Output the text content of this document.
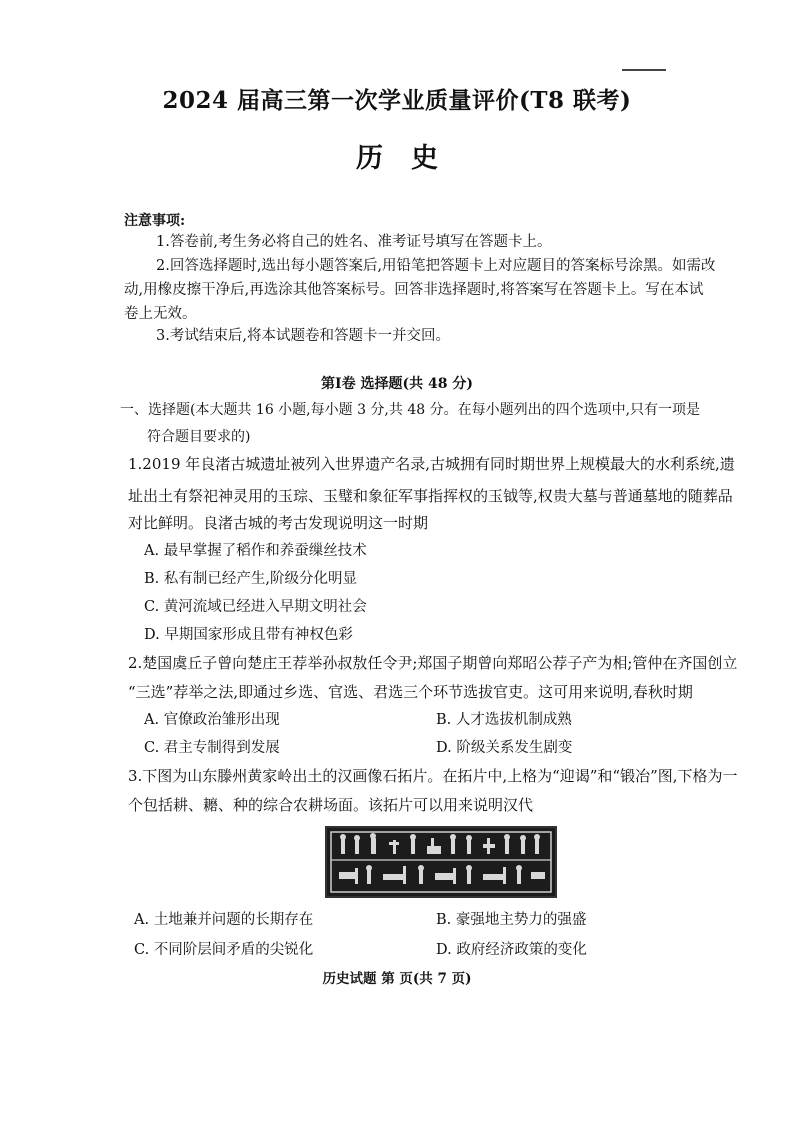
2024 届高三第一次学业质量评价(T8 联考)
历史
注意事项:
1.答卷前,考生务必将自己的姓名、准考证号填写在答题卡上。
2.回答选择题时,选出每小题答案后,用铅笔把答题卡上对应题目的答案标号涂黑。如需改
动,用橡皮擦干净后,再选涂其他答案标号。回答非选择题时,将答案写在答题卡上。写在本试
卷上无效。
3.考试结束后,将本试题卷和答题卡一并交回。
第Ⅰ卷 选择题(共 48 分)
一、选择题(本大题共 16 小题,每小题 3 分,共 48 分。在每小题列出的四个选项中,只有一项是
符合题目要求的)
1.2019 年良渚古城遗址被列入世界遗产名录,古城拥有同时期世界上规模最大的水利系统,遗
址出土有祭祀神灵用的玉琮、玉璧和象征军事指挥权的玉钺等,权贵大墓与普通墓地的随葬品
对比鲜明。良渚古城的考古发现说明这一时期
A. 最早掌握了稻作和养蚕缫丝技术
B. 私有制已经产生,阶级分化明显
C. 黄河流域已经进入早期文明社会
D. 早期国家形成且带有神权色彩
2.楚国虞丘子曾向楚庄王荐举孙叔敖任令尹;郑国子期曾向郑昭公荐子产为相;管仲在齐国创立
“三选”荐举之法,即通过乡选、官选、君选三个环节选拔官吏。这可用来说明,春秋时期
A. 官僚政治雏形出现	B. 人才选拔机制成熟
C. 君主专制得到发展	D. 阶级关系发生剧变
3.下图为山东滕州黄家岭出土的汉画像石拓片。在拓片中,上格为“迎谒”和“锻冶”图,下格为一
个包括耕、耱、种的综合农耕场面。该拓片可以用来说明汉代
A. 土地兼并问题的长期存在	B. 豪强地主势力的强盛
C. 不同阶层间矛盾的尖锐化	D. 政府经济政策的变化
历史试题 第 页(共 7 页)
